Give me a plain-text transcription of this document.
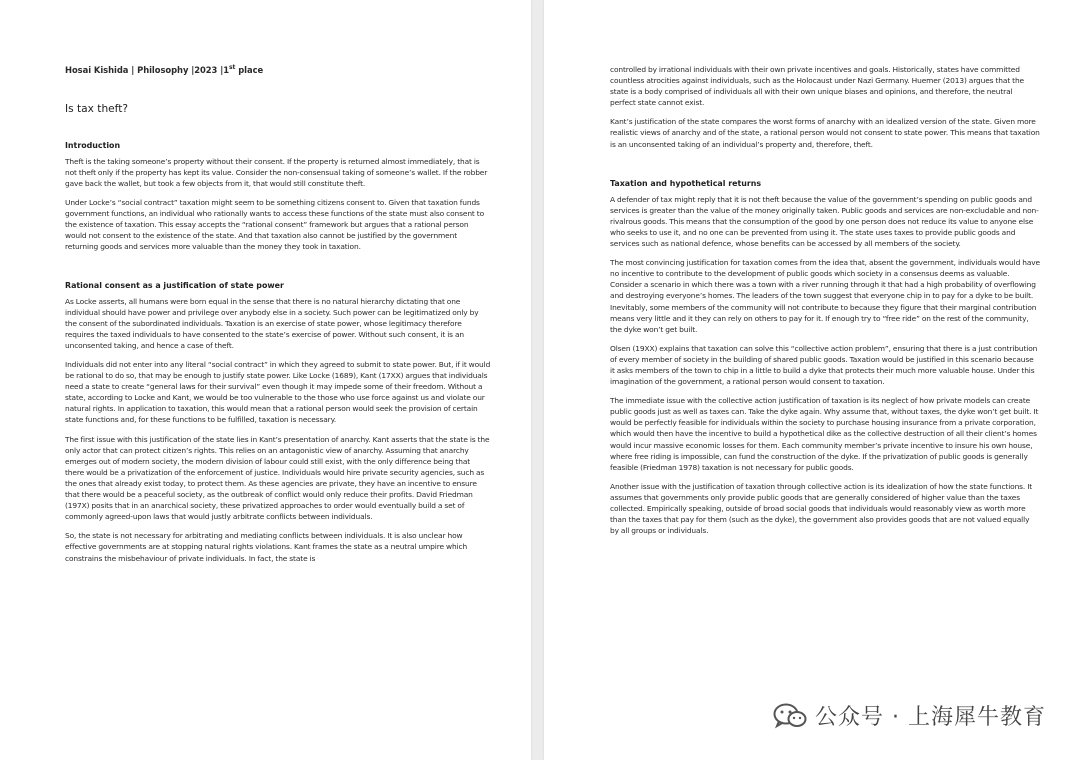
Hosai Kishida | Philosophy |2023 |1st place
Is tax theft?
Introduction

Theft is the taking someone’s property without their consent. If the property is returned almost immediately, that is not theft only if the property has kept its value. Consider the non-consensual taking of someone’s wallet. If the robber gave back the wallet, but took a few objects from it, that would still constitute theft.

Under Locke’s “social contract” taxation might seem to be something citizens consent to. Given that taxation funds government functions, an individual who rationally wants to access these functions of the state must also consent to the existence of taxation. This essay accepts the “rational consent” framework but argues that a rational person would not consent to the existence of the state. And that taxation also cannot be justified by the government returning goods and services more valuable than the money they took in taxation.

Rational consent as a justification of state power

As Locke asserts, all humans were born equal in the sense that there is no natural hierarchy dictating that one individual should have power and privilege over anybody else in a society. Such power can be legitimatized only by the consent of the subordinated individuals. Taxation is an exercise of state power, whose legitimacy therefore requires the taxed individuals to have consented to the state’s exercise of power. Without such consent, it is an unconsented taking, and hence a case of theft.

Individuals did not enter into any literal “social contract” in which they agreed to submit to state power. But, if it would be rational to do so, that may be enough to justify state power. Like Locke (1689), Kant (17XX) argues that individuals need a state to create “general laws for their survival” even though it may impede some of their freedom. Without a state, according to Locke and Kant, we would be too vulnerable to the those who use force against us and violate our natural rights. In application to taxation, this would mean that a rational person would seek the provision of certain state functions and, for these functions to be fulfilled, taxation is necessary.

The first issue with this justification of the state lies in Kant’s presentation of anarchy. Kant asserts that the state is the only actor that can protect citizen’s rights. This relies on an antagonistic view of anarchy. Assuming that anarchy emerges out of modern society, the modern division of labour could still exist, with the only difference being that there would be a privatization of the enforcement of justice. Individuals would hire private security agencies, such as the ones that already exist today, to protect them. As these agencies are private, they have an incentive to ensure that there would be a peaceful society, as the outbreak of conflict would only reduce their profits. David Friedman (197X) posits that in an anarchical society, these privatized approaches to order would eventually build a set of commonly agreed-upon laws that would justly arbitrate conflicts between individuals.

So, the state is not necessary for arbitrating and mediating conflicts between individuals. It is also unclear how effective governments are at stopping natural rights violations. Kant frames the state as a neutral umpire which constrains the misbehaviour of private individuals. In fact, the state is

controlled by irrational individuals with their own private incentives and goals. Historically, states have committed countless atrocities against individuals, such as the Holocaust under Nazi Germany. Huemer (2013) argues that the state is a body comprised of individuals all with their own unique biases and opinions, and therefore, the neutral perfect state cannot exist.

Kant’s justification of the state compares the worst forms of anarchy with an idealized version of the state. Given more realistic views of anarchy and of the state, a rational person would not consent to state power. This means that taxation is an unconsented taking of an individual’s property and, therefore, theft.

Taxation and hypothetical returns

A defender of tax might reply that it is not theft because the value of the government’s spending on public goods and services is greater than the value of the money originally taken. Public goods and services are non-excludable and non-rivalrous goods. This means that the consumption of the good by one person does not reduce its value to anyone else who seeks to use it, and no one can be prevented from using it. The state uses taxes to provide public goods and services such as national defence, whose benefits can be accessed by all members of the society.

The most convincing justification for taxation comes from the idea that, absent the government, individuals would have no incentive to contribute to the development of public goods which society in a consensus deems as valuable. Consider a scenario in which there was a town with a river running through it that had a high probability of overflowing and destroying everyone’s homes. The leaders of the town suggest that everyone chip in to pay for a dyke to be built. Inevitably, some members of the community will not contribute to because they figure that their marginal contribution means very little and it they can rely on others to pay for it. If enough try to “free ride” on the rest of the community, the dyke won’t get built.

Olsen (19XX) explains that taxation can solve this “collective action problem”, ensuring that there is a just contribution of every member of society in the building of shared public goods. Taxation would be justified in this scenario because it asks members of the town to chip in a little to build a dyke that protects their much more valuable house. Under this imagination of the government, a rational person would consent to taxation.

The immediate issue with the collective action justification of taxation is its neglect of how private models can create public goods just as well as taxes can. Take the dyke again. Why assume that, without taxes, the dyke won’t get built. It would be perfectly feasible for individuals within the society to purchase housing insurance from a private corporation, which would then have the incentive to build a hypothetical dike as the collective destruction of all their client’s homes would incur massive economic losses for them. Each community member’s private incentive to insure his own house, where free riding is impossible, can fund the construction of the dyke. If the privatization of public goods is generally feasible (Friedman 1978) taxation is not necessary for public goods.

Another issue with the justification of taxation through collective action is its idealization of how the state functions. It assumes that governments only provide public goods that are generally considered of higher value than the taxes collected. Empirically speaking, outside of broad social goods that individuals would reasonably view as worth more than the taxes that pay for them (such as the dyke), the government also provides goods that are not valued equally by all groups or individuals.

公众号 · 上海犀牛教育
